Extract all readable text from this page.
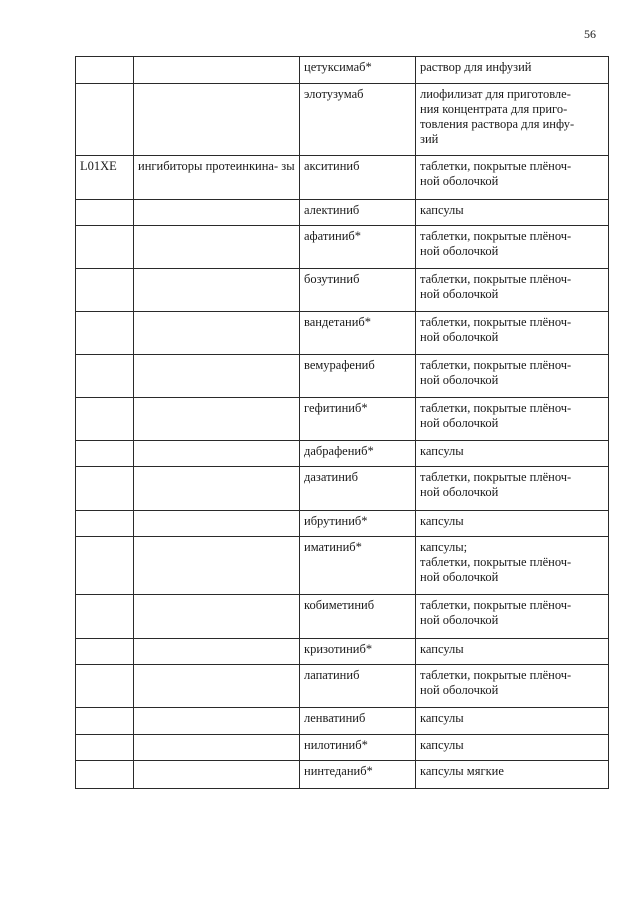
56
		цетуксимаб*	раствор для инфузий
		элотузумаб	лиофилизат для приготовле-
ния концентрата для приго-
товления раствора для инфу-
зий
L01XE	ингибиторы протеинкина- зы	акситиниб	таблетки, покрытые плёноч-
ной оболочкой
		алектиниб	капсулы
		афатиниб*	таблетки, покрытые плёноч-
ной оболочкой
		бозутиниб	таблетки, покрытые плёноч-
ной оболочкой
		вандетаниб*	таблетки, покрытые плёноч-
ной оболочкой
		вемурафениб	таблетки, покрытые плёноч-
ной оболочкой
		гефитиниб*	таблетки, покрытые плёноч-
ной оболочкой
		дабрафениб*	капсулы
		дазатиниб	таблетки, покрытые плёноч-
ной оболочкой
		ибрутиниб*	капсулы
		иматиниб*	капсулы;
таблетки, покрытые плёноч-
ной оболочкой
		кобиметиниб	таблетки, покрытые плёноч-
ной оболочкой
		кризотиниб*	капсулы
		лапатиниб	таблетки, покрытые плёноч-
ной оболочкой
		ленватиниб	капсулы
		нилотиниб*	капсулы
		нинтеданиб*	капсулы мягкие
